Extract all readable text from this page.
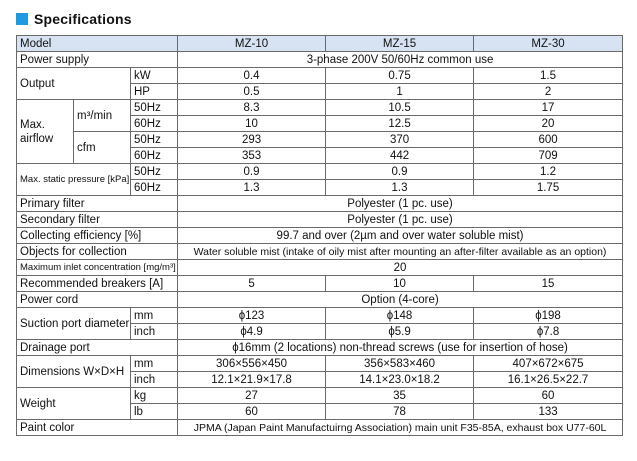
Specifications
Model			MZ-10	MZ-15	MZ-30
Power supply			3-phase 200V 50/60Hz common use		
Output		kW	0.4	0.75	1.5
		HP	0.5	1	2
Max. airflow	m³/min	50Hz	8.3	10.5	17
		60Hz	10	12.5	20
	cfm	50Hz	293	370	600
		60Hz	353	442	709
Max. static pressure [kPa]		50Hz	0.9	0.9	1.2
		60Hz	1.3	1.3	1.75
Primary filter			Polyester (1 pc. use)		
Secondary filter			Polyester (1 pc. use)		
Collecting efficiency [%]			99.7 and over (2µm and over water soluble mist)		
Objects for collection			Water soluble mist (intake of oily mist after mounting an after-filter available as an option)		
Maximum inlet concentration [mg/m³]			20		
Recommended breakers [A]			5	10	15
Power cord			Option (4-core)		
Suction port diameter		mm	ϕ123	ϕ148	ϕ198
		inch	ϕ4.9	ϕ5.9	ϕ7.8
Drainage port			ϕ16mm (2 locations) non-thread screws (use for insertion of hose)		
Dimensions W×D×H		mm	306×556×450	356×583×460	407×672×675
		inch	12.1×21.9×17.8	14.1×23.0×18.2	16.1×26.5×22.7
Weight		kg	27	35	60
		lb	60	78	133
Paint color			JPMA (Japan Paint Manufactuirng Association) main unit F35-85A, exhaust box U77-60L		
